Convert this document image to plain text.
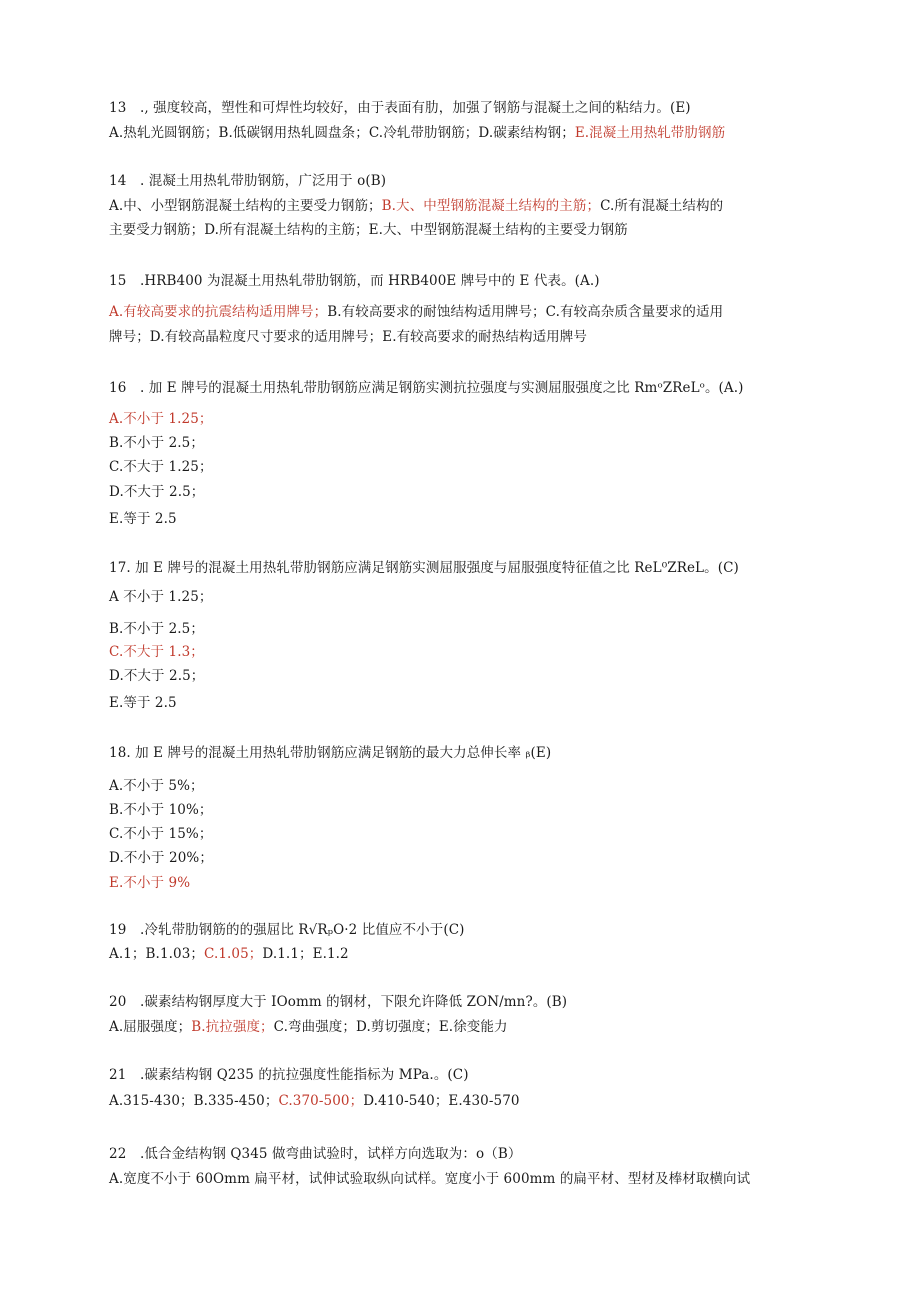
13　., 强度较高，塑性和可焊性均较好，由于表面有肋，加强了钢筋与混凝土之间的粘结力。(E)
A.热轧光圆钢筋；B.低碳钢用热轧圆盘条；C.冷轧带肋钢筋；D.碳素结构钢；E.混凝土用热轧带肋钢筋
14　. 混凝土用热轧带肋钢筋，广泛用于 o(B)
A.中、小型钢筋混凝土结构的主要受力钢筋；B.大、中型钢筋混凝土结构的主筋；C.所有混凝土结构的
主要受力钢筋；D.所有混凝土结构的主筋；E.大、中型钢筋混凝土结构的主要受力钢筋
15　.HRB400 为混凝土用热轧带肋钢筋，而 HRB400E 牌号中的 E 代表。(A.)
A.有较高要求的抗震结构适用牌号；B.有较高要求的耐蚀结构适用牌号；C.有较高杂质含量要求的适用
牌号；D.有较高晶粒度尺寸要求的适用牌号；E.有较高要求的耐热结构适用牌号
16　. 加 E 牌号的混凝土用热轧带肋钢筋应满足钢筋实测抗拉强度与实测屈服强度之比 RmᵒZReLᵒ。(A.)
A.不小于 1.25；
B.不小于 2.5；
C.不大于 1.25；
D.不大于 2.5；
E.等于 2.5
17. 加 E 牌号的混凝土用热轧带肋钢筋应满足钢筋实测屈服强度与屈服强度特征值之比 ReL⁰ZReL。(C)
A 不小于 1.25；
B.不小于 2.5；
C.不大于 1.3；
D.不大于 2.5；
E.等于 2.5
18. 加 E 牌号的混凝土用热轧带肋钢筋应满足钢筋的最大力总伸长率 ᵦ(E)
A.不小于 5%；
B.不小于 10%；
C.不小于 15%；
D.不小于 20%；
E.不小于 9%
19　.冷轧带肋钢筋的的强屈比 R√RₚO·2 比值应不小于(C)
A.1；B.1.03；C.1.05；D.1.1；E.1.2
20　.碳素结构钢厚度大于 IOomm 的钢材，下限允许降低 ZON/mn?。(B)
A.屈服强度；B.抗拉强度；C.弯曲强度；D.剪切强度；E.徐变能力
21　.碳素结构钢 Q235 的抗拉强度性能指标为 MPa.。(C)
A.315-430；B.335-450；C.370-500；D.410-540；E.430-570
22　.低合金结构钢 Q345 做弯曲试验时，试样方向选取为：o（B）
A.宽度不小于 60Omm 扁平材，试伸试验取纵向试样。宽度小于 600mm 的扁平材、型材及棒材取横向试
